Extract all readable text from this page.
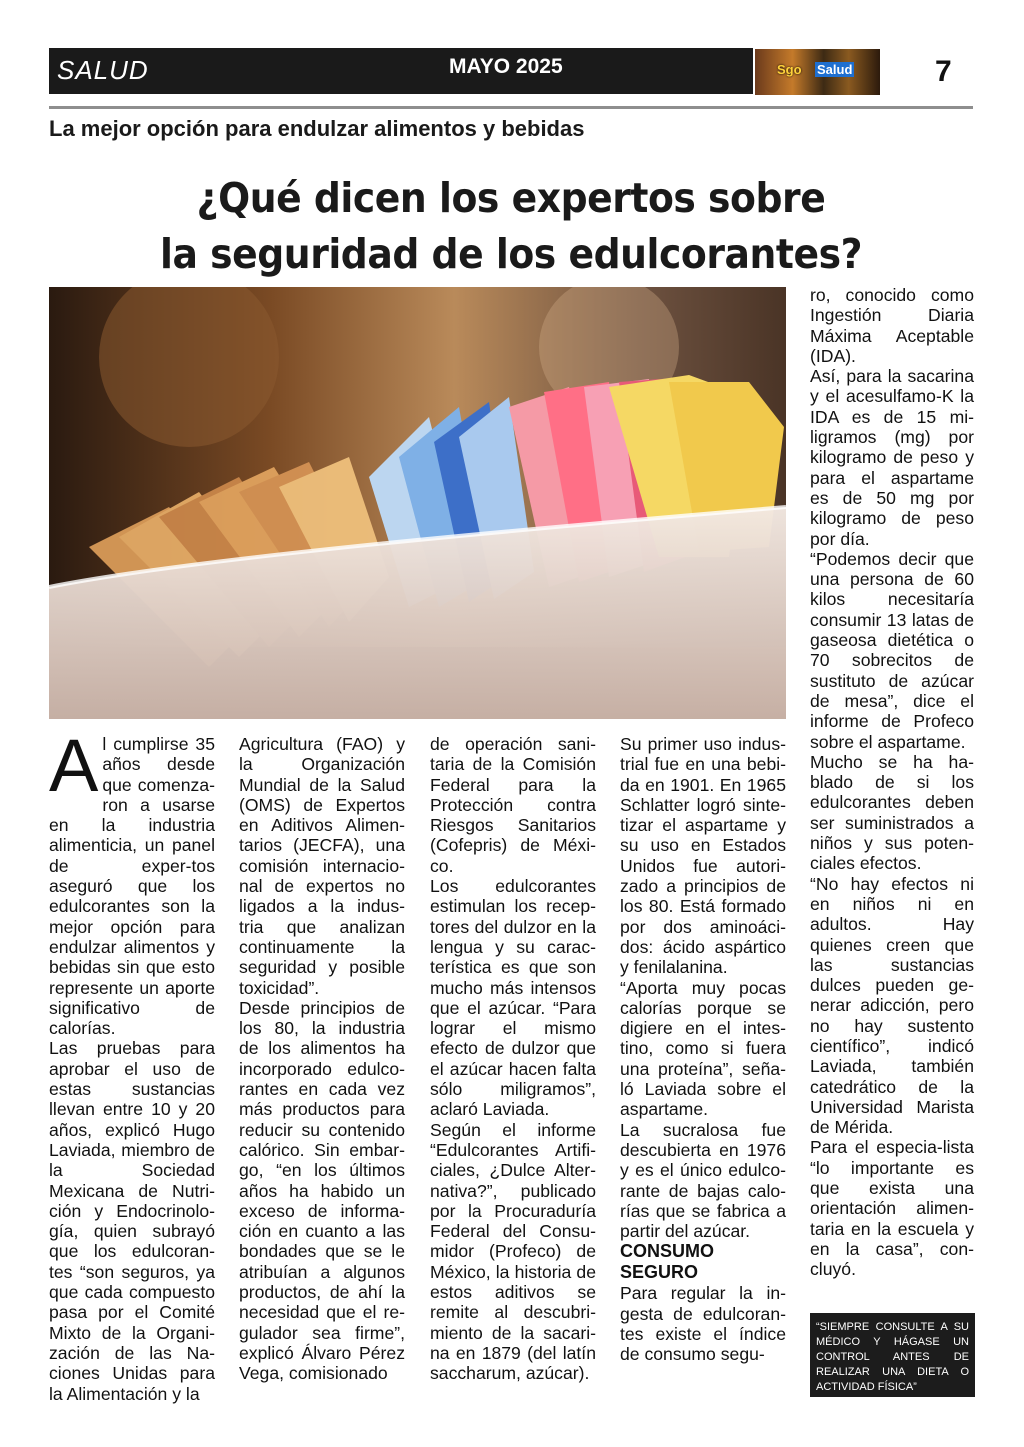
SALUD	MAYO 2025	Sgo Salud	7
La mejor opción para endulzar alimentos y bebidas
¿Qué dicen los expertos sobre
la seguridad de los edulcorantes?

Al cumplirse 35 años desde que comenza-ron a usarse en la industria alimenticia, un panel de exper-tos aseguró que los edulcorantes son la mejor opción para endulzar alimentos y bebidas sin que esto represente un aporte significativo de calorías.

Las pruebas para aprobar el uso de estas sustancias llevan entre 10 y 20 años, explicó Hugo Laviada, miembro de la Sociedad Mexicana de Nutri-ción y Endocrinolo-gía, quien subrayó que los edulcoran-tes “son seguros, ya que cada compuesto pasa por el Comité Mixto de la Organi-zación de las Na-ciones Unidas para la Alimentación y la

Agricultura (FAO) y la Organización Mundial de la Salud (OMS) de Expertos en Aditivos Alimen-tarios (JECFA), una comisión internacio-nal de expertos no ligados a la indus-tria que analizan continuamente la seguridad y posible toxicidad”.

Desde principios de los 80, la industria de los alimentos ha incorporado edulco-rantes en cada vez más productos para reducir su contenido calórico. Sin embar-go, “en los últimos años ha habido un exceso de informa-ción en cuanto a las bondades que se le atribuían a algunos productos, de ahí la necesidad que el re-gulador sea firme”, explicó Álvaro Pérez Vega, comisionado

de operación sani-taria de la Comisión Federal para la Protección contra Riesgos Sanitarios (Cofepris) de Méxi-co.

Los edulcorantes estimulan los recep-tores del dulzor en la lengua y su carac-terística es que son mucho más intensos que el azúcar. “Para lograr el mismo efecto de dulzor que el azúcar hacen falta sólo miligramos”, aclaró Laviada.

Según el informe “Edulcorantes Artifi-ciales, ¿Dulce Alter-nativa?”, publicado por la Procuraduría Federal del Consu-midor (Profeco) de México, la historia de estos aditivos se remite al descubri-miento de la sacari-na en 1879 (del latín saccharum, azúcar).

Su primer uso indus-trial fue en una bebi-da en 1901. En 1965 Schlatter logró sinte-tizar el aspartame y su uso en Estados Unidos fue autori-zado a principios de los 80. Está formado por dos aminoáci-dos: ácido aspártico y fenilalanina.

“Aporta muy pocas calorías porque se digiere en el intes-tino, como si fuera una proteína”, seña-ló Laviada sobre el aspartame.

La sucralosa fue descubierta en 1976 y es el único edulco-rante de bajas calo-rías que se fabrica a partir del azúcar.

CONSUMO SEGURO

Para regular la in-gesta de edulcoran-tes existe el índice de consumo segu-

ro, conocido como Ingestión Diaria Máxima Aceptable (IDA).

Así, para la sacarina y el acesulfamo-K la IDA es de 15 mi-ligramos (mg) por kilogramo de peso y para el aspartame es de 50 mg por kilogramo de peso por día.

“Podemos decir que una persona de 60 kilos necesitaría consumir 13 latas de gaseosa dietética o 70 sobrecitos de sustituto de azúcar de mesa”, dice el informe de Profeco sobre el aspartame.

Mucho se ha ha-blado de si los edulcorantes deben ser suministrados a niños y sus poten-ciales efectos.

“No hay efectos ni en niños ni en adultos. Hay quienes creen que las sustancias dulces pueden ge-nerar adicción, pero no hay sustento científico”, indicó Laviada, también catedrático de la Universidad Marista de Mérida.

Para el especia-lista “lo importante es que exista una orientación alimen-taria en la escuela y en la casa”, con-cluyó.

“SIEMPRE CONSULTE A SU MÉDICO Y HÁGASE UN CONTROL ANTES DE REALIZAR UNA DIETA O ACTIVIDAD FÍSICA”
